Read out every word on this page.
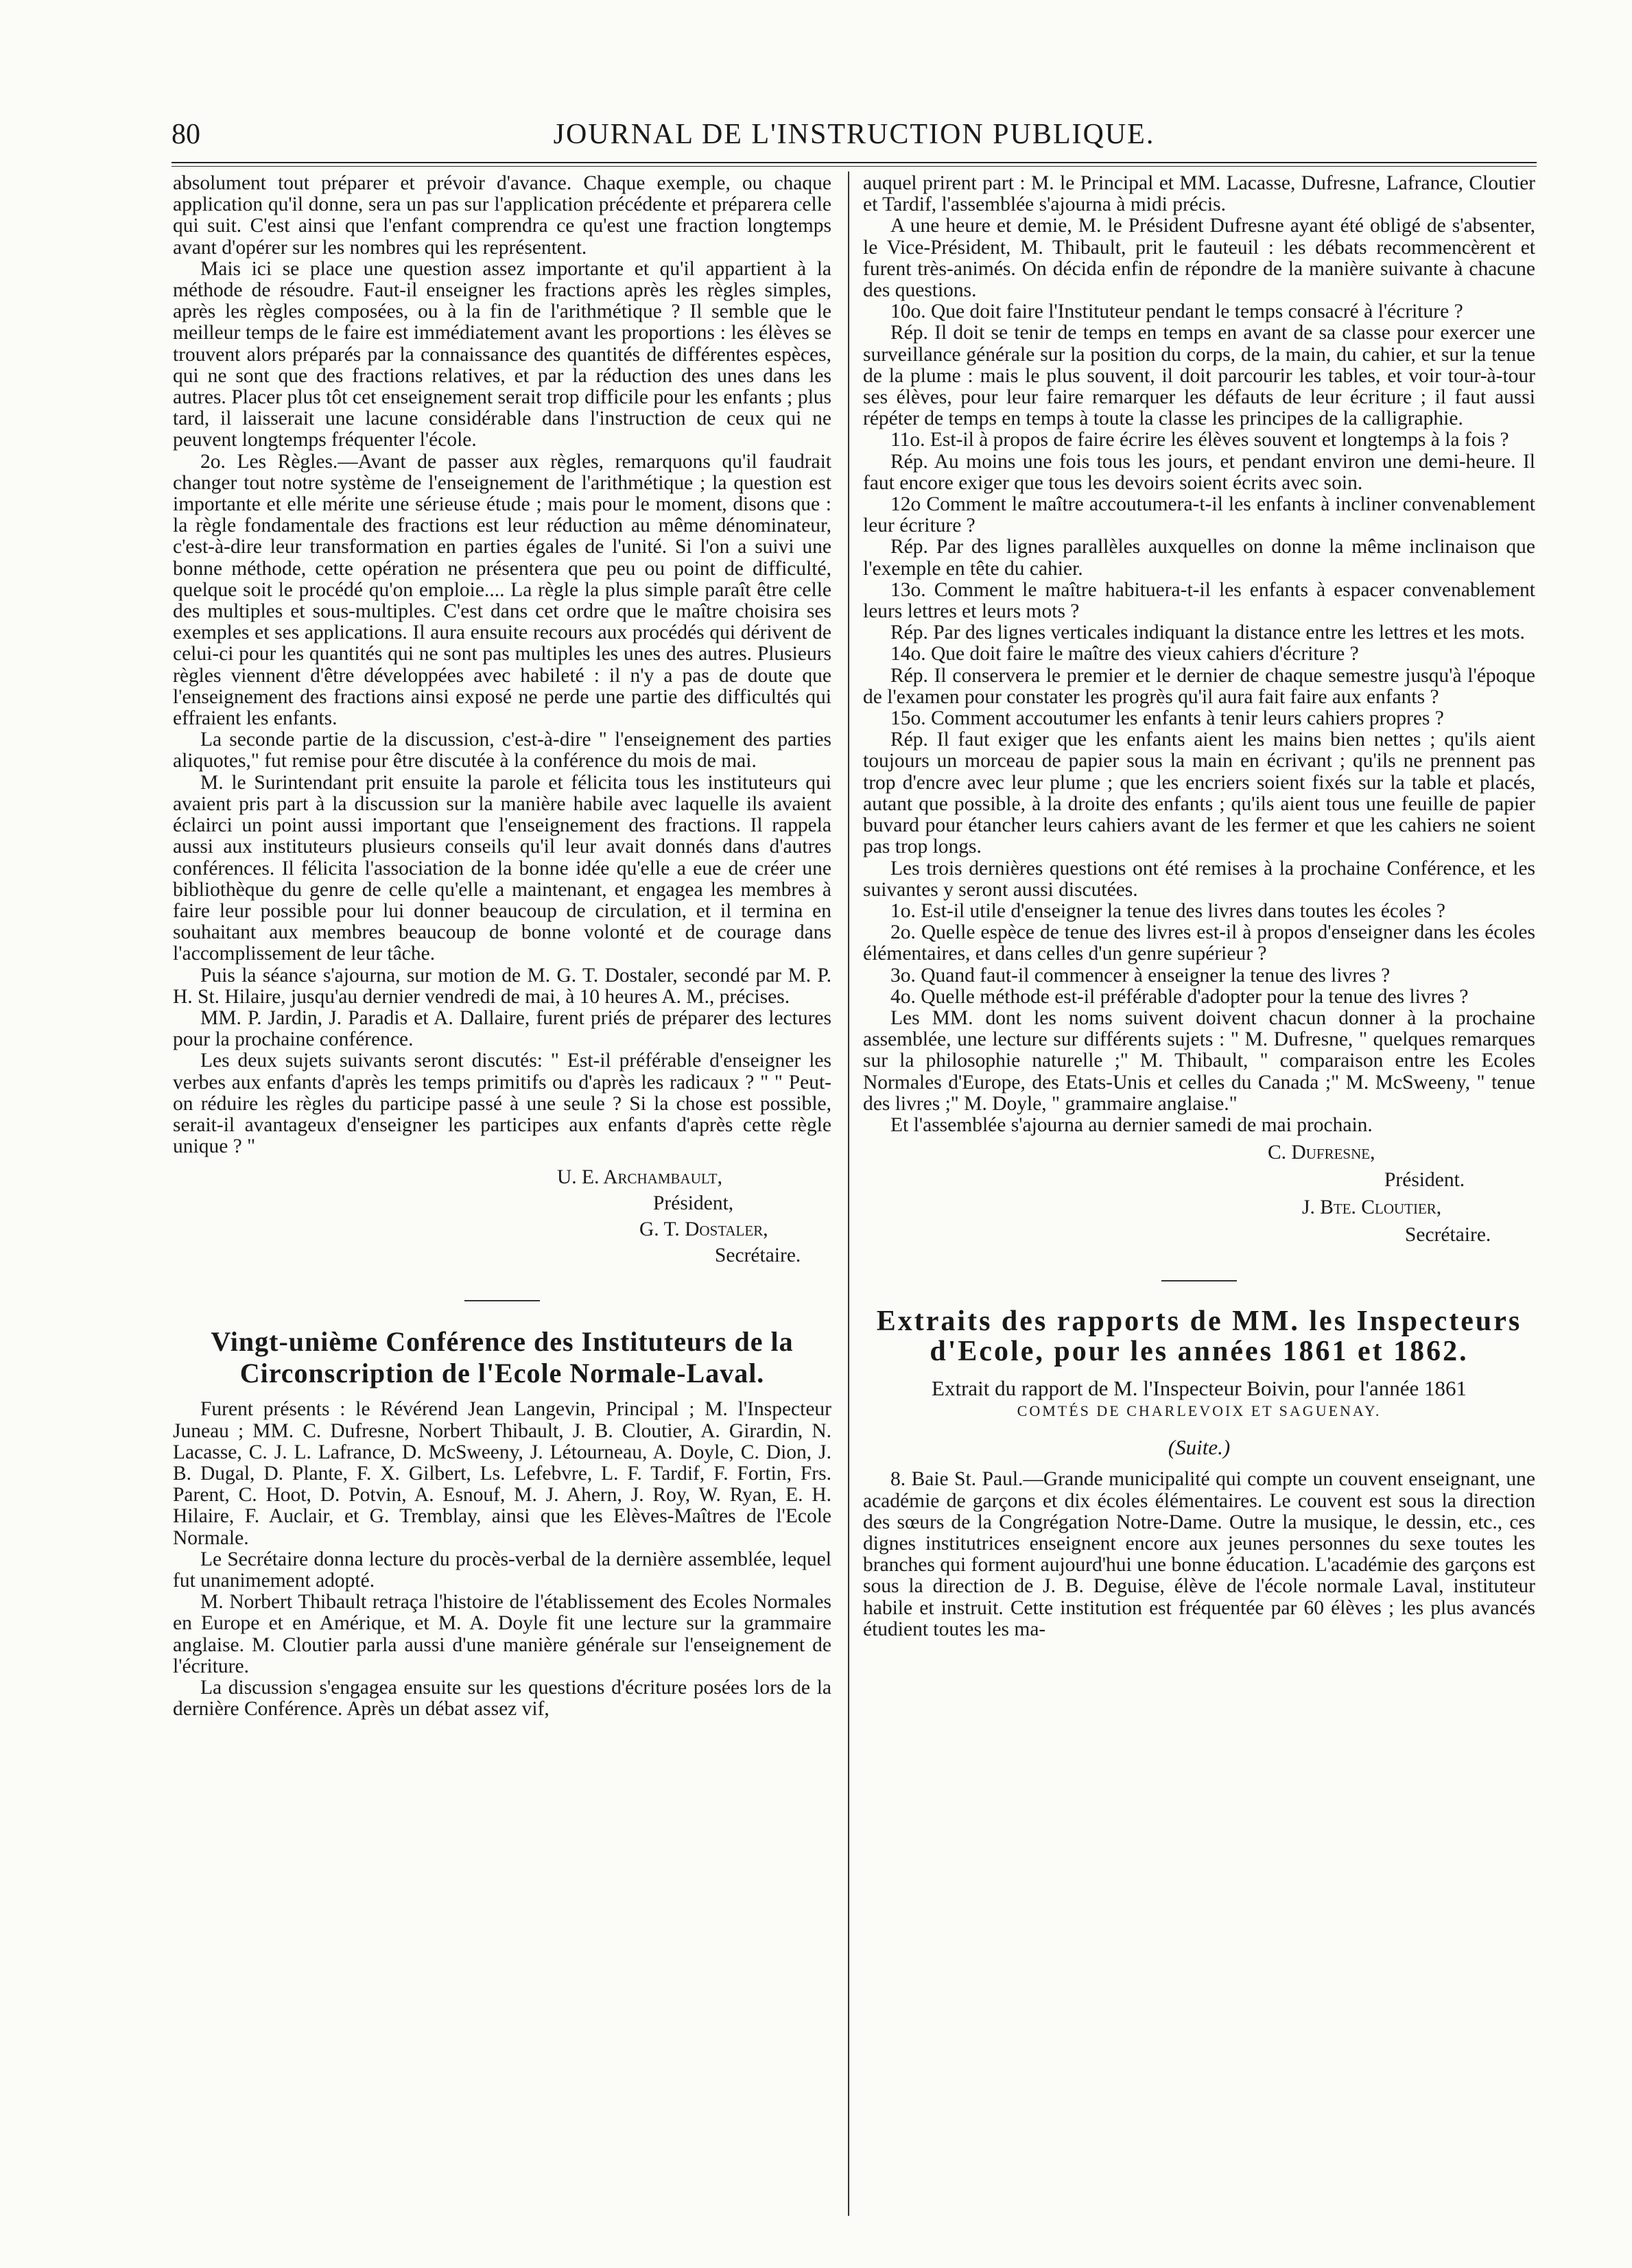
80	JOURNAL DE L'INSTRUCTION PUBLIQUE.

absolument tout préparer et prévoir d'avance. Chaque exemple, ou chaque application qu'il donne, sera un pas sur l'application précédente et préparera celle qui suit. C'est ainsi que l'enfant comprendra ce qu'est une fraction longtemps avant d'opérer sur les nombres qui les représentent.

Mais ici se place une question assez importante et qu'il appartient à la méthode de résoudre. Faut-il enseigner les fractions après les règles simples, après les règles composées, ou à la fin de l'arithmétique ? Il semble que le meilleur temps de le faire est immédiatement avant les proportions : les élèves se trouvent alors préparés par la connaissance des quantités de différentes espèces, qui ne sont que des fractions relatives, et par la réduction des unes dans les autres. Placer plus tôt cet enseignement serait trop difficile pour les enfants ; plus tard, il laisserait une lacune considérable dans l'instruction de ceux qui ne peuvent longtemps fréquenter l'école.

2o. Les Règles.—Avant de passer aux règles, remarquons qu'il faudrait changer tout notre système de l'enseignement de l'arithmétique ; la question est importante et elle mérite une sérieuse étude ; mais pour le moment, disons que : la règle fondamentale des fractions est leur réduction au même dénominateur, c'est-à-dire leur transformation en parties égales de l'unité. Si l'on a suivi une bonne méthode, cette opération ne présentera que peu ou point de difficulté, quelque soit le procédé qu'on emploie.... La règle la plus simple paraît être celle des multiples et sous-multiples. C'est dans cet ordre que le maître choisira ses exemples et ses applications. Il aura ensuite recours aux procédés qui dérivent de celui-ci pour les quantités qui ne sont pas multiples les unes des autres. Plusieurs règles viennent d'être développées avec habileté : il n'y a pas de doute que l'enseignement des fractions ainsi exposé ne perde une partie des difficultés qui effraient les enfants.

La seconde partie de la discussion, c'est-à-dire " l'enseignement des parties aliquotes," fut remise pour être discutée à la conférence du mois de mai.

M. le Surintendant prit ensuite la parole et félicita tous les instituteurs qui avaient pris part à la discussion sur la manière habile avec laquelle ils avaient éclairci un point aussi important que l'enseignement des fractions. Il rappela aussi aux instituteurs plusieurs conseils qu'il leur avait donnés dans d'autres conférences. Il félicita l'association de la bonne idée qu'elle a eue de créer une bibliothèque du genre de celle qu'elle a maintenant, et engagea les membres à faire leur possible pour lui donner beaucoup de circulation, et il termina en souhaitant aux membres beaucoup de bonne volonté et de courage dans l'accomplissement de leur tâche.

Puis la séance s'ajourna, sur motion de M. G. T. Dostaler, secondé par M. P. H. St. Hilaire, jusqu'au dernier vendredi de mai, à 10 heures A. M., précises.

MM. P. Jardin, J. Paradis et A. Dallaire, furent priés de préparer des lectures pour la prochaine conférence.

Les deux sujets suivants seront discutés: " Est-il préférable d'enseigner les verbes aux enfants d'après les temps primitifs ou d'après les radicaux ? " " Peut-on réduire les règles du participe passé à une seule ? Si la chose est possible, serait-il avantageux d'enseigner les participes aux enfants d'après cette règle unique ? "

U. E. Archambault,
Président,
G. T. Dostaler,
Secrétaire.
Vingt-unième Conférence des Instituteurs de la Circonscription de l'Ecole Normale-Laval.

Furent présents : le Révérend Jean Langevin, Principal ; M. l'Inspecteur Juneau ; MM. C. Dufresne, Norbert Thibault, J. B. Cloutier, A. Girardin, N. Lacasse, C. J. L. Lafrance, D. McSweeny, J. Létourneau, A. Doyle, C. Dion, J. B. Dugal, D. Plante, F. X. Gilbert, Ls. Lefebvre, L. F. Tardif, F. Fortin, Frs. Parent, C. Hoot, D. Potvin, A. Esnouf, M. J. Ahern, J. Roy, W. Ryan, E. H. Hilaire, F. Auclair, et G. Tremblay, ainsi que les Elèves-Maîtres de l'Ecole Normale.

Le Secrétaire donna lecture du procès-verbal de la dernière assemblée, lequel fut unanimement adopté.

M. Norbert Thibault retraça l'histoire de l'établissement des Ecoles Normales en Europe et en Amérique, et M. A. Doyle fit une lecture sur la grammaire anglaise. M. Cloutier parla aussi d'une manière générale sur l'enseignement de l'écriture.

La discussion s'engagea ensuite sur les questions d'écriture posées lors de la dernière Conférence. Après un débat assez vif,

auquel prirent part : M. le Principal et MM. Lacasse, Dufresne, Lafrance, Cloutier et Tardif, l'assemblée s'ajourna à midi précis.

A une heure et demie, M. le Président Dufresne ayant été obligé de s'absenter, le Vice-Président, M. Thibault, prit le fauteuil : les débats recommencèrent et furent très-animés. On décida enfin de répondre de la manière suivante à chacune des questions.

10o. Que doit faire l'Instituteur pendant le temps consacré à l'écriture ?

Rép. Il doit se tenir de temps en temps en avant de sa classe pour exercer une surveillance générale sur la position du corps, de la main, du cahier, et sur la tenue de la plume : mais le plus souvent, il doit parcourir les tables, et voir tour-à-tour ses élèves, pour leur faire remarquer les défauts de leur écriture ; il faut aussi répéter de temps en temps à toute la classe les principes de la calligraphie.

11o. Est-il à propos de faire écrire les élèves souvent et longtemps à la fois ?

Rép. Au moins une fois tous les jours, et pendant environ une demi-heure. Il faut encore exiger que tous les devoirs soient écrits avec soin.

12o Comment le maître accoutumera-t-il les enfants à incliner convenablement leur écriture ?

Rép. Par des lignes parallèles auxquelles on donne la même inclinaison que l'exemple en tête du cahier.

13o. Comment le maître habituera-t-il les enfants à espacer convenablement leurs lettres et leurs mots ?

Rép. Par des lignes verticales indiquant la distance entre les lettres et les mots.

14o. Que doit faire le maître des vieux cahiers d'écriture ?

Rép. Il conservera le premier et le dernier de chaque semestre jusqu'à l'époque de l'examen pour constater les progrès qu'il aura fait faire aux enfants ?

15o. Comment accoutumer les enfants à tenir leurs cahiers propres ?

Rép. Il faut exiger que les enfants aient les mains bien nettes ; qu'ils aient toujours un morceau de papier sous la main en écrivant ; qu'ils ne prennent pas trop d'encre avec leur plume ; que les encriers soient fixés sur la table et placés, autant que possible, à la droite des enfants ; qu'ils aient tous une feuille de papier buvard pour étancher leurs cahiers avant de les fermer et que les cahiers ne soient pas trop longs.

Les trois dernières questions ont été remises à la prochaine Conférence, et les suivantes y seront aussi discutées.

1o. Est-il utile d'enseigner la tenue des livres dans toutes les écoles ?

2o. Quelle espèce de tenue des livres est-il à propos d'enseigner dans les écoles élémentaires, et dans celles d'un genre supérieur ?

3o. Quand faut-il commencer à enseigner la tenue des livres ?

4o. Quelle méthode est-il préférable d'adopter pour la tenue des livres ?

Les MM. dont les noms suivent doivent chacun donner à la prochaine assemblée, une lecture sur différents sujets : " M. Dufresne, " quelques remarques sur la philosophie naturelle ;" M. Thibault, " comparaison entre les Ecoles Normales d'Europe, des Etats-Unis et celles du Canada ;" M. McSweeny, " tenue des livres ;" M. Doyle, " grammaire anglaise."

Et l'assemblée s'ajourna au dernier samedi de mai prochain.

C. Dufresne,
Président.
J. Bte. Cloutier,
Secrétaire.
Extraits des rapports de MM. les Inspecteurs d'Ecole, pour les années 1861 et 1862.
Extrait du rapport de M. l'Inspecteur Boivin, pour l'année 1861
COMTÉS DE CHARLEVOIX ET SAGUENAY.
(Suite.)

8. Baie St. Paul.—Grande municipalité qui compte un couvent enseignant, une académie de garçons et dix écoles élémentaires. Le couvent est sous la direction des sœurs de la Congrégation Notre-Dame. Outre la musique, le dessin, etc., ces dignes institutrices enseignent encore aux jeunes personnes du sexe toutes les branches qui forment aujourd'hui une bonne éducation. L'académie des garçons est sous la direction de J. B. Deguise, élève de l'école normale Laval, instituteur habile et instruit. Cette institution est fréquentée par 60 élèves ; les plus avancés étudient toutes les ma-
